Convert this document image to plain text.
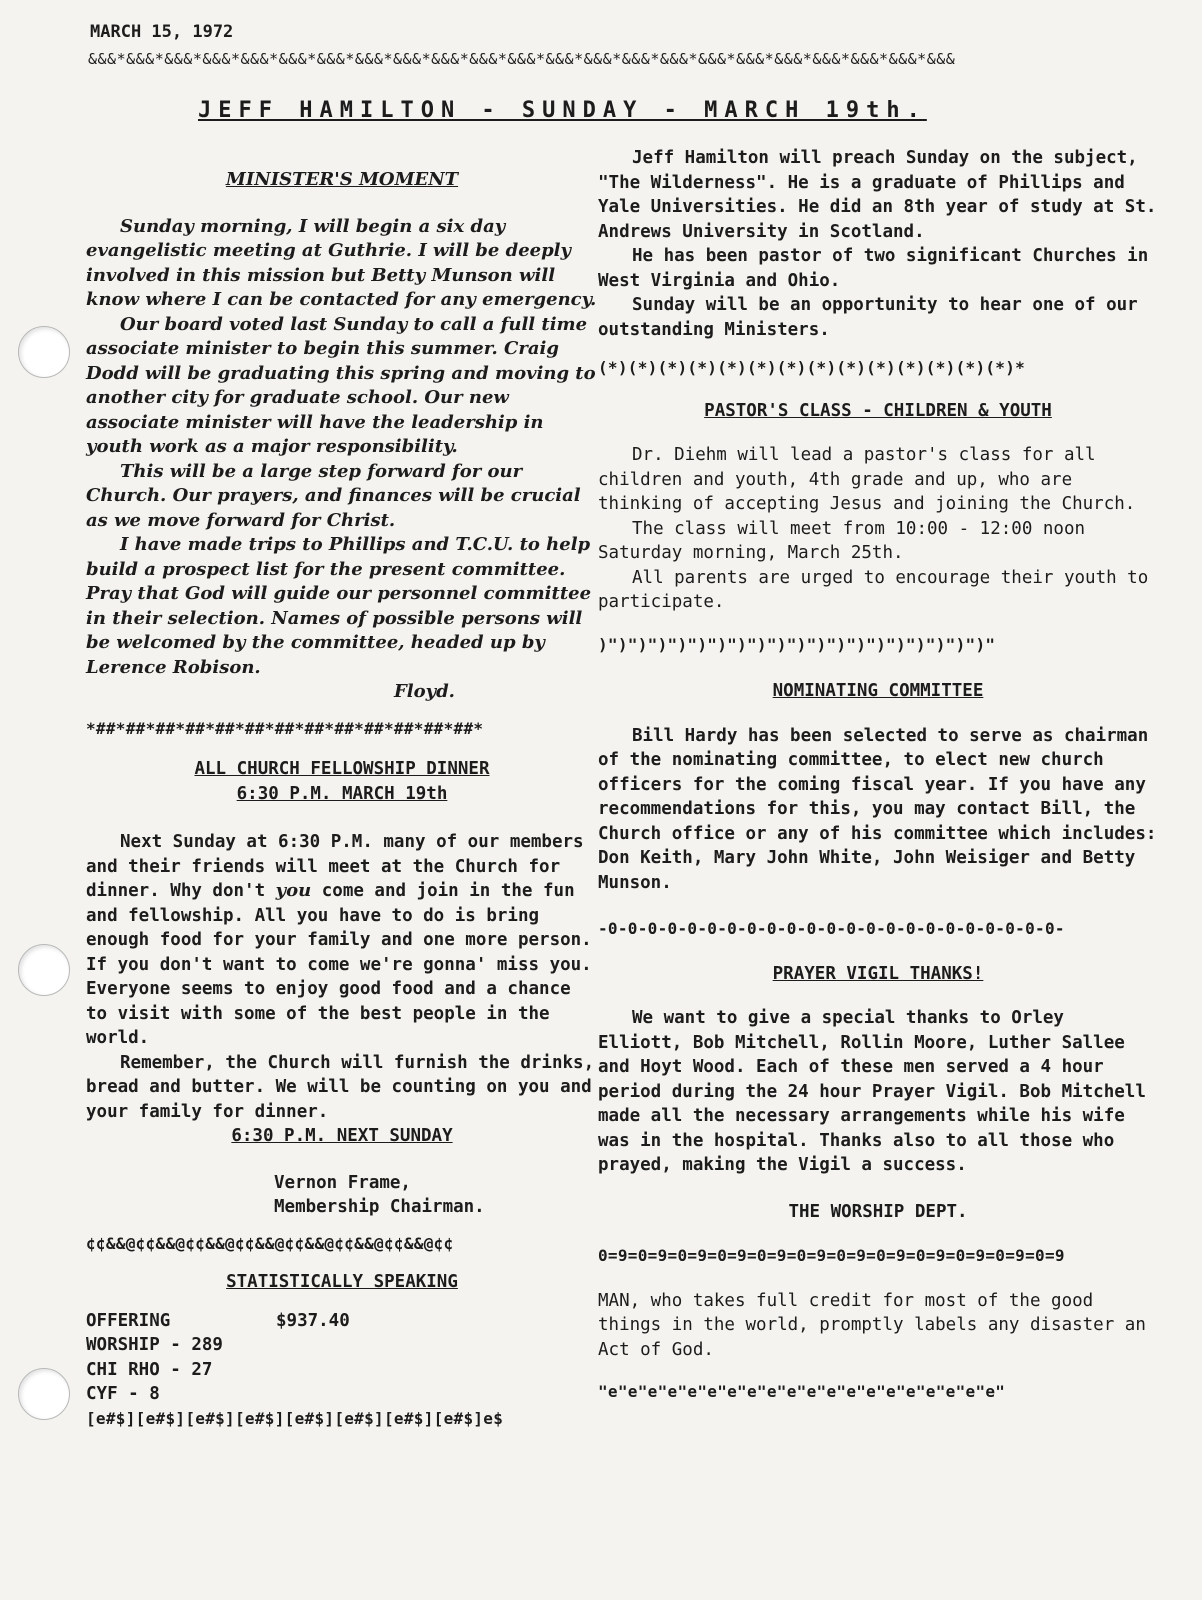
MARCH 15, 1972
&&&*&&&*&&&*&&&*&&&*&&&*&&&*&&&*&&&*&&&*&&&*&&&*&&&*&&&*&&&*&&&*&&&*&&&*&&&*&&&*&&&*&&&*&&&
JEFF HAMILTON - SUNDAY - MARCH 19th.

MINISTER'S MOMENT

Sunday morning, I will begin a six day evangelistic meeting at Guthrie. I will be deeply involved in this mission but Betty Munson will know where I can be contacted for any emergency.

Our board voted last Sunday to call a full time associate minister to begin this summer. Craig Dodd will be graduating this spring and moving to another city for graduate school. Our new associate minister will have the leadership in youth work as a major responsibility.

This will be a large step forward for our Church. Our prayers, and finances will be crucial as we move forward for Christ.

I have made trips to Phillips and T.C.U. to help build a prospect list for the present committee. Pray that God will guide our personnel committee in their selection. Names of possible persons will be welcomed by the committee, headed up by Lerence Robison.

Floyd.

*##*##*##*##*##*##*##*##*##*##*##*##*##*

ALL CHURCH FELLOWSHIP DINNER

6:30 P.M. MARCH 19th

Next Sunday at 6:30 P.M. many of our members and their friends will meet at the Church for dinner. Why don't you come and join in the fun and fellowship. All you have to do is bring enough food for your family and one more person. If you don't want to come we're gonna' miss you. Everyone seems to enjoy good food and a chance to visit with some of the best people in the world.

Remember, the Church will furnish the drinks, bread and butter. We will be counting on you and your family for dinner.

6:30 P.M. NEXT SUNDAY

Vernon Frame,

Membership Chairman.

¢¢&&@¢¢&&@¢¢&&@¢¢&&@¢¢&&@¢¢&&@¢¢&&@¢¢

STATISTICALLY SPEAKING

OFFERING	$937.40
WORSHIP - 289
CHI RHO - 27
CYF - 8

[e#$][e#$][e#$][e#$][e#$][e#$][e#$][e#$]e$

Jeff Hamilton will preach Sunday on the subject, "The Wilderness". He is a graduate of Phillips and Yale Universities. He did an 8th year of study at St. Andrews University in Scotland.

He has been pastor of two significant Churches in West Virginia and Ohio.

Sunday will be an opportunity to hear one of our outstanding Ministers.

(*)(*)(*)(*)(*)(*)(*)(*)(*)(*)(*)(*)(*)(*)*

PASTOR'S CLASS - CHILDREN & YOUTH

Dr. Diehm will lead a pastor's class for all children and youth, 4th grade and up, who are thinking of accepting Jesus and joining the Church.

The class will meet from 10:00 - 12:00 noon Saturday morning, March 25th.

All parents are urged to encourage their youth to participate.

)")")")")")")")")")")")")")")")")")")")"

NOMINATING COMMITTEE

Bill Hardy has been selected to serve as chairman of the nominating committee, to elect new church officers for the coming fiscal year. If you have any recommendations for this, you may contact Bill, the Church office or any of his committee which includes: Don Keith, Mary John White, John Weisiger and Betty Munson.

-0-0-0-0-0-0-0-0-0-0-0-0-0-0-0-0-0-0-0-0-0-0-0-

PRAYER VIGIL THANKS!

We want to give a special thanks to Orley Elliott, Bob Mitchell, Rollin Moore, Luther Sallee and Hoyt Wood. Each of these men served a 4 hour period during the 24 hour Prayer Vigil. Bob Mitchell made all the necessary arrangements while his wife was in the hospital. Thanks also to all those who prayed, making the Vigil a success.

THE WORSHIP DEPT.

0=9=0=9=0=9=0=9=0=9=0=9=0=9=0=9=0=9=0=9=0=9=0=9

MAN, who takes full credit for most of the good things in the world, promptly labels any disaster an Act of God.

"e"e"e"e"e"e"e"e"e"e"e"e"e"e"e"e"e"e"e"e"
